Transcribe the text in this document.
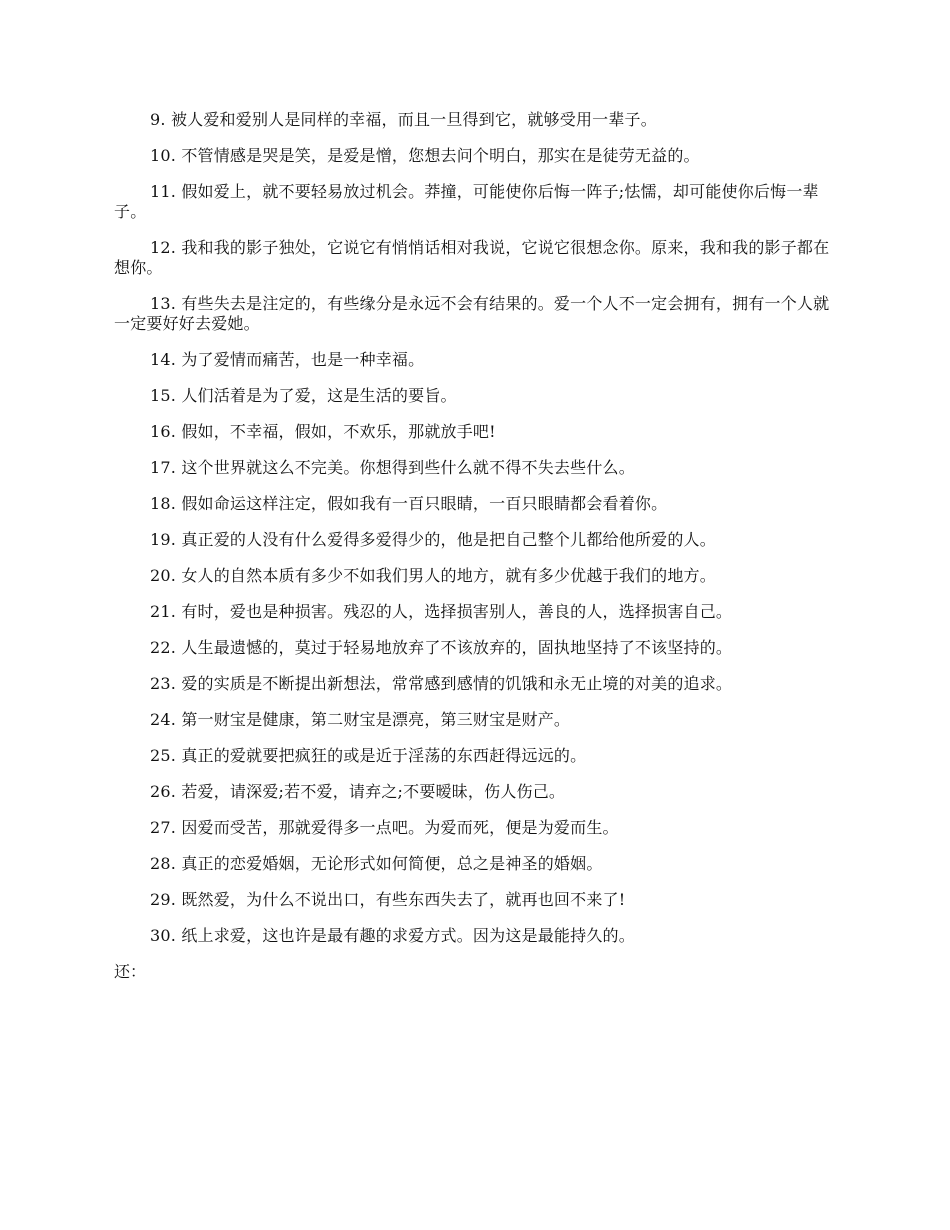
9. 被人爱和爱别人是同样的幸福，而且一旦得到它，就够受用一辈子。

10. 不管情感是哭是笑，是爱是憎，您想去问个明白，那实在是徒劳无益的。

11. 假如爱上，就不要轻易放过机会。莽撞，可能使你后悔一阵子;怯懦，却可能使你后悔一辈子。

12. 我和我的影子独处，它说它有悄悄话相对我说，它说它很想念你。原来，我和我的影子都在想你。

13. 有些失去是注定的，有些缘分是永远不会有结果的。爱一个人不一定会拥有，拥有一个人就一定要好好去爱她。

14. 为了爱情而痛苦，也是一种幸福。

15. 人们活着是为了爱，这是生活的要旨。

16. 假如，不幸福，假如，不欢乐，那就放手吧!

17. 这个世界就这么不完美。你想得到些什么就不得不失去些什么。

18. 假如命运这样注定，假如我有一百只眼睛，一百只眼睛都会看着你。

19. 真正爱的人没有什么爱得多爱得少的，他是把自己整个儿都给他所爱的人。

20. 女人的自然本质有多少不如我们男人的地方，就有多少优越于我们的地方。

21. 有时，爱也是种损害。残忍的人，选择损害别人，善良的人，选择损害自己。

22. 人生最遗憾的，莫过于轻易地放弃了不该放弃的，固执地坚持了不该坚持的。

23. 爱的实质是不断提出新想法，常常感到感情的饥饿和永无止境的对美的追求。

24. 第一财宝是健康，第二财宝是漂亮，第三财宝是财产。

25. 真正的爱就要把疯狂的或是近于淫荡的东西赶得远远的。

26. 若爱，请深爱;若不爱，请弃之;不要暧昧，伤人伤己。

27. 因爱而受苦，那就爱得多一点吧。为爱而死，便是为爱而生。

28. 真正的恋爱婚姻，无论形式如何简便，总之是神圣的婚姻。

29. 既然爱，为什么不说出口，有些东西失去了，就再也回不来了!

30. 纸上求爱，这也许是最有趣的求爱方式。因为这是最能持久的。

还：
